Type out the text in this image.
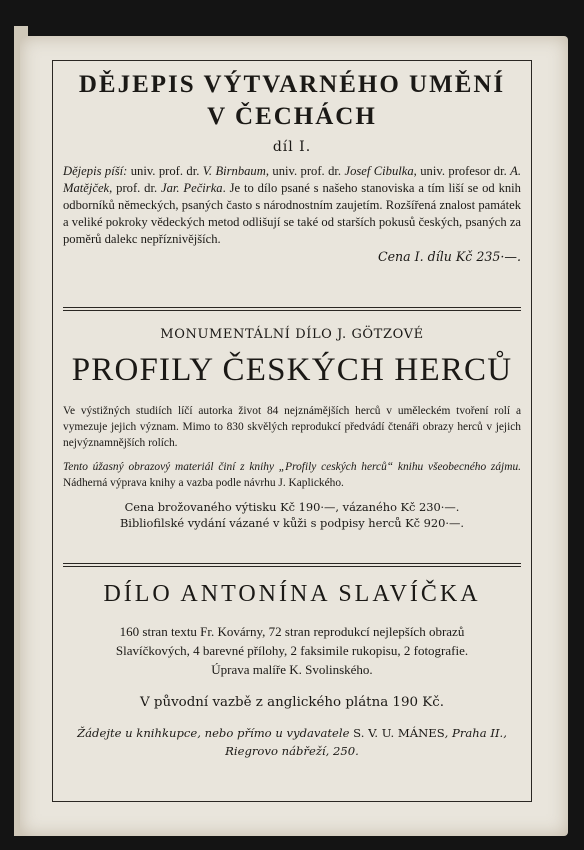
DĚJEPIS VÝTVARNÉHO UMĚNÍ
V ČECHÁCH

díl I.

Dějepis píší: univ. prof. dr. V. Birnbaum, univ. prof. dr. Josef Cibulka, univ. profesor dr. A. Matějček, prof. dr. Jar. Pečirka. Je to dílo psané s našeho stanoviska a tím liší se od knih odborníků německých, psaných často s národnostním zaujetím. Rozšířená znalost památek a veliké pokroky vědeckých metod odlišují se také od starších pokusů českých, psaných za poměrů dalekc nepříznivějších.

Cena I. dílu Kč 235·—.

MONUMENTÁLNÍ DÍLO J. GÖTZOVÉ

PROFILY ČESKÝCH HERCŮ

Ve výstižných studiích líčí autorka život 84 nejznámějších herců v uměleckém tvoření rolí a vymezuje jejich význam. Mimo to 830 skvělých reprodukcí předvádí čtenáři obrazy herců v jejich nejvýznamnějších rolích.

Tento úžasný obrazový materiál činí z knihy „Profily ceských herců“ knihu všeobecného zájmu. Nádherná výprava knihy a vazba podle návrhu J. Kaplického.

Cena brožovaného výtisku Kč 190·—, vázaného Kč 230·—.

Bibliofilské vydání vázané v kůži s podpisy herců Kč 920·—.

DÍLO ANTONÍNA SLAVÍČKA

160 stran textu Fr. Kovárny, 72 stran reprodukcí nejlepších obrazů

Slavíčkových, 4 barevné přílohy, 2 faksimile rukopisu, 2 fotografie.

Úprava malíře K. Svolinského.

V původní vazbě z anglického plátna 190 Kč.

Žádejte u knihkupce, nebo přímo u vydavatele S. V. U. MÁNES, Praha II.,

Riegrovo nábřeží, 250.
